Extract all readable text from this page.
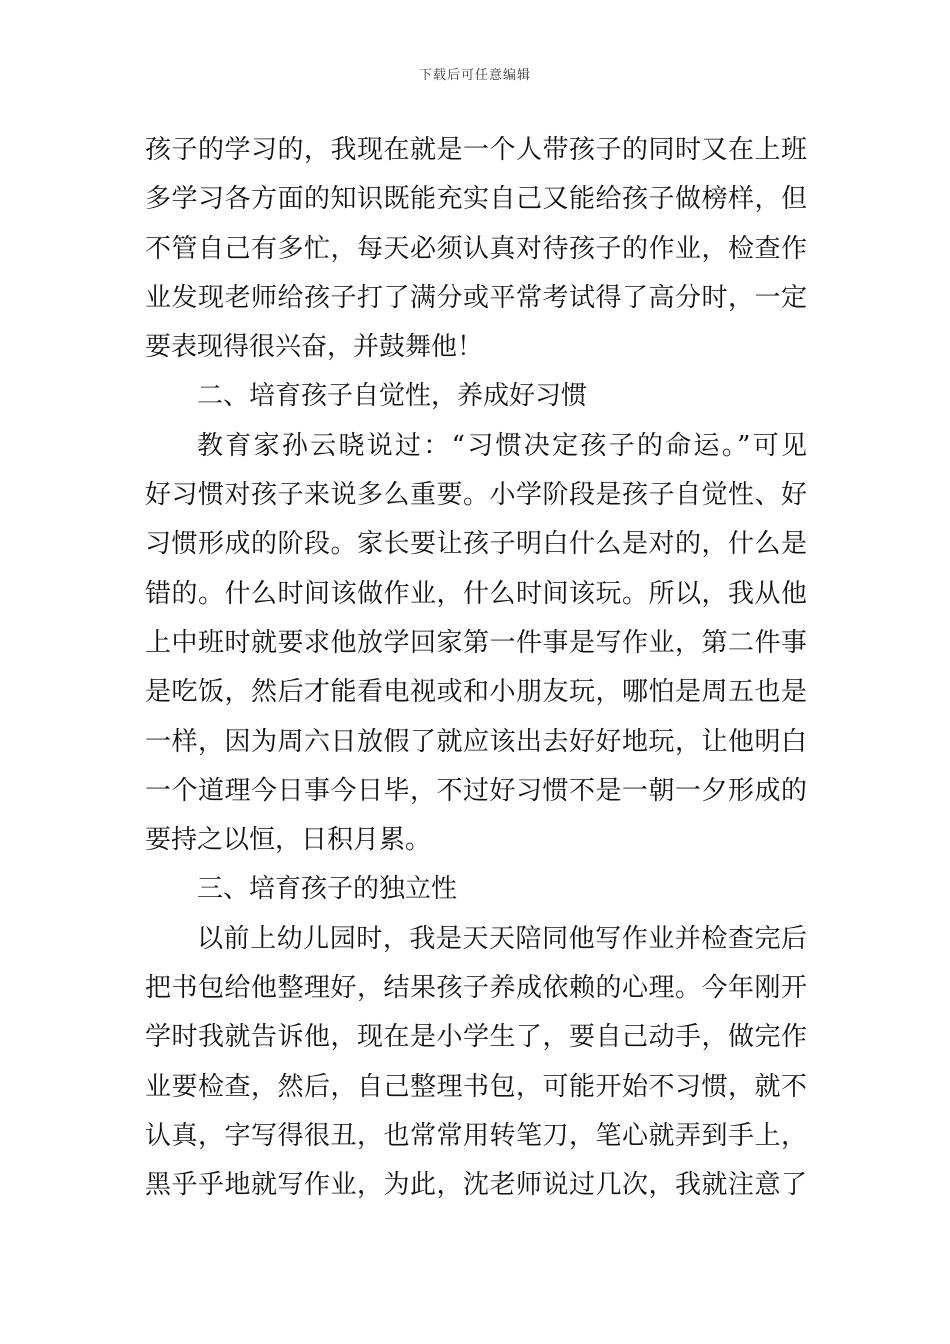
下载后可任意编辑
孩子的学习的，我现在就是一个人带孩子的同时又在上班
多学习各方面的知识既能充实自己又能给孩子做榜样，但
不管自己有多忙，每天必须认真对待孩子的作业，检查作
业发现老师给孩子打了满分或平常考试得了高分时，一定
要表现得很兴奋，并鼓舞他！
二、培育孩子自觉性，养成好习惯
教育家孙云晓说过：“习惯决定孩子的命运。”可见
好习惯对孩子来说多么重要。小学阶段是孩子自觉性、好
习惯形成的阶段。家长要让孩子明白什么是对的，什么是
错的。什么时间该做作业，什么时间该玩。所以，我从他
上中班时就要求他放学回家第一件事是写作业，第二件事
是吃饭，然后才能看电视或和小朋友玩，哪怕是周五也是
一样，因为周六日放假了就应该出去好好地玩，让他明白
一个道理今日事今日毕，不过好习惯不是一朝一夕形成的
要持之以恒，日积月累。
三、培育孩子的独立性
以前上幼儿园时，我是天天陪同他写作业并检查完后
把书包给他整理好，结果孩子养成依赖的心理。今年刚开
学时我就告诉他，现在是小学生了，要自己动手，做完作
业要检查，然后，自己整理书包，可能开始不习惯，就不
认真，字写得很丑，也常常用转笔刀，笔心就弄到手上，
黑乎乎地就写作业，为此，沈老师说过几次，我就注意了
